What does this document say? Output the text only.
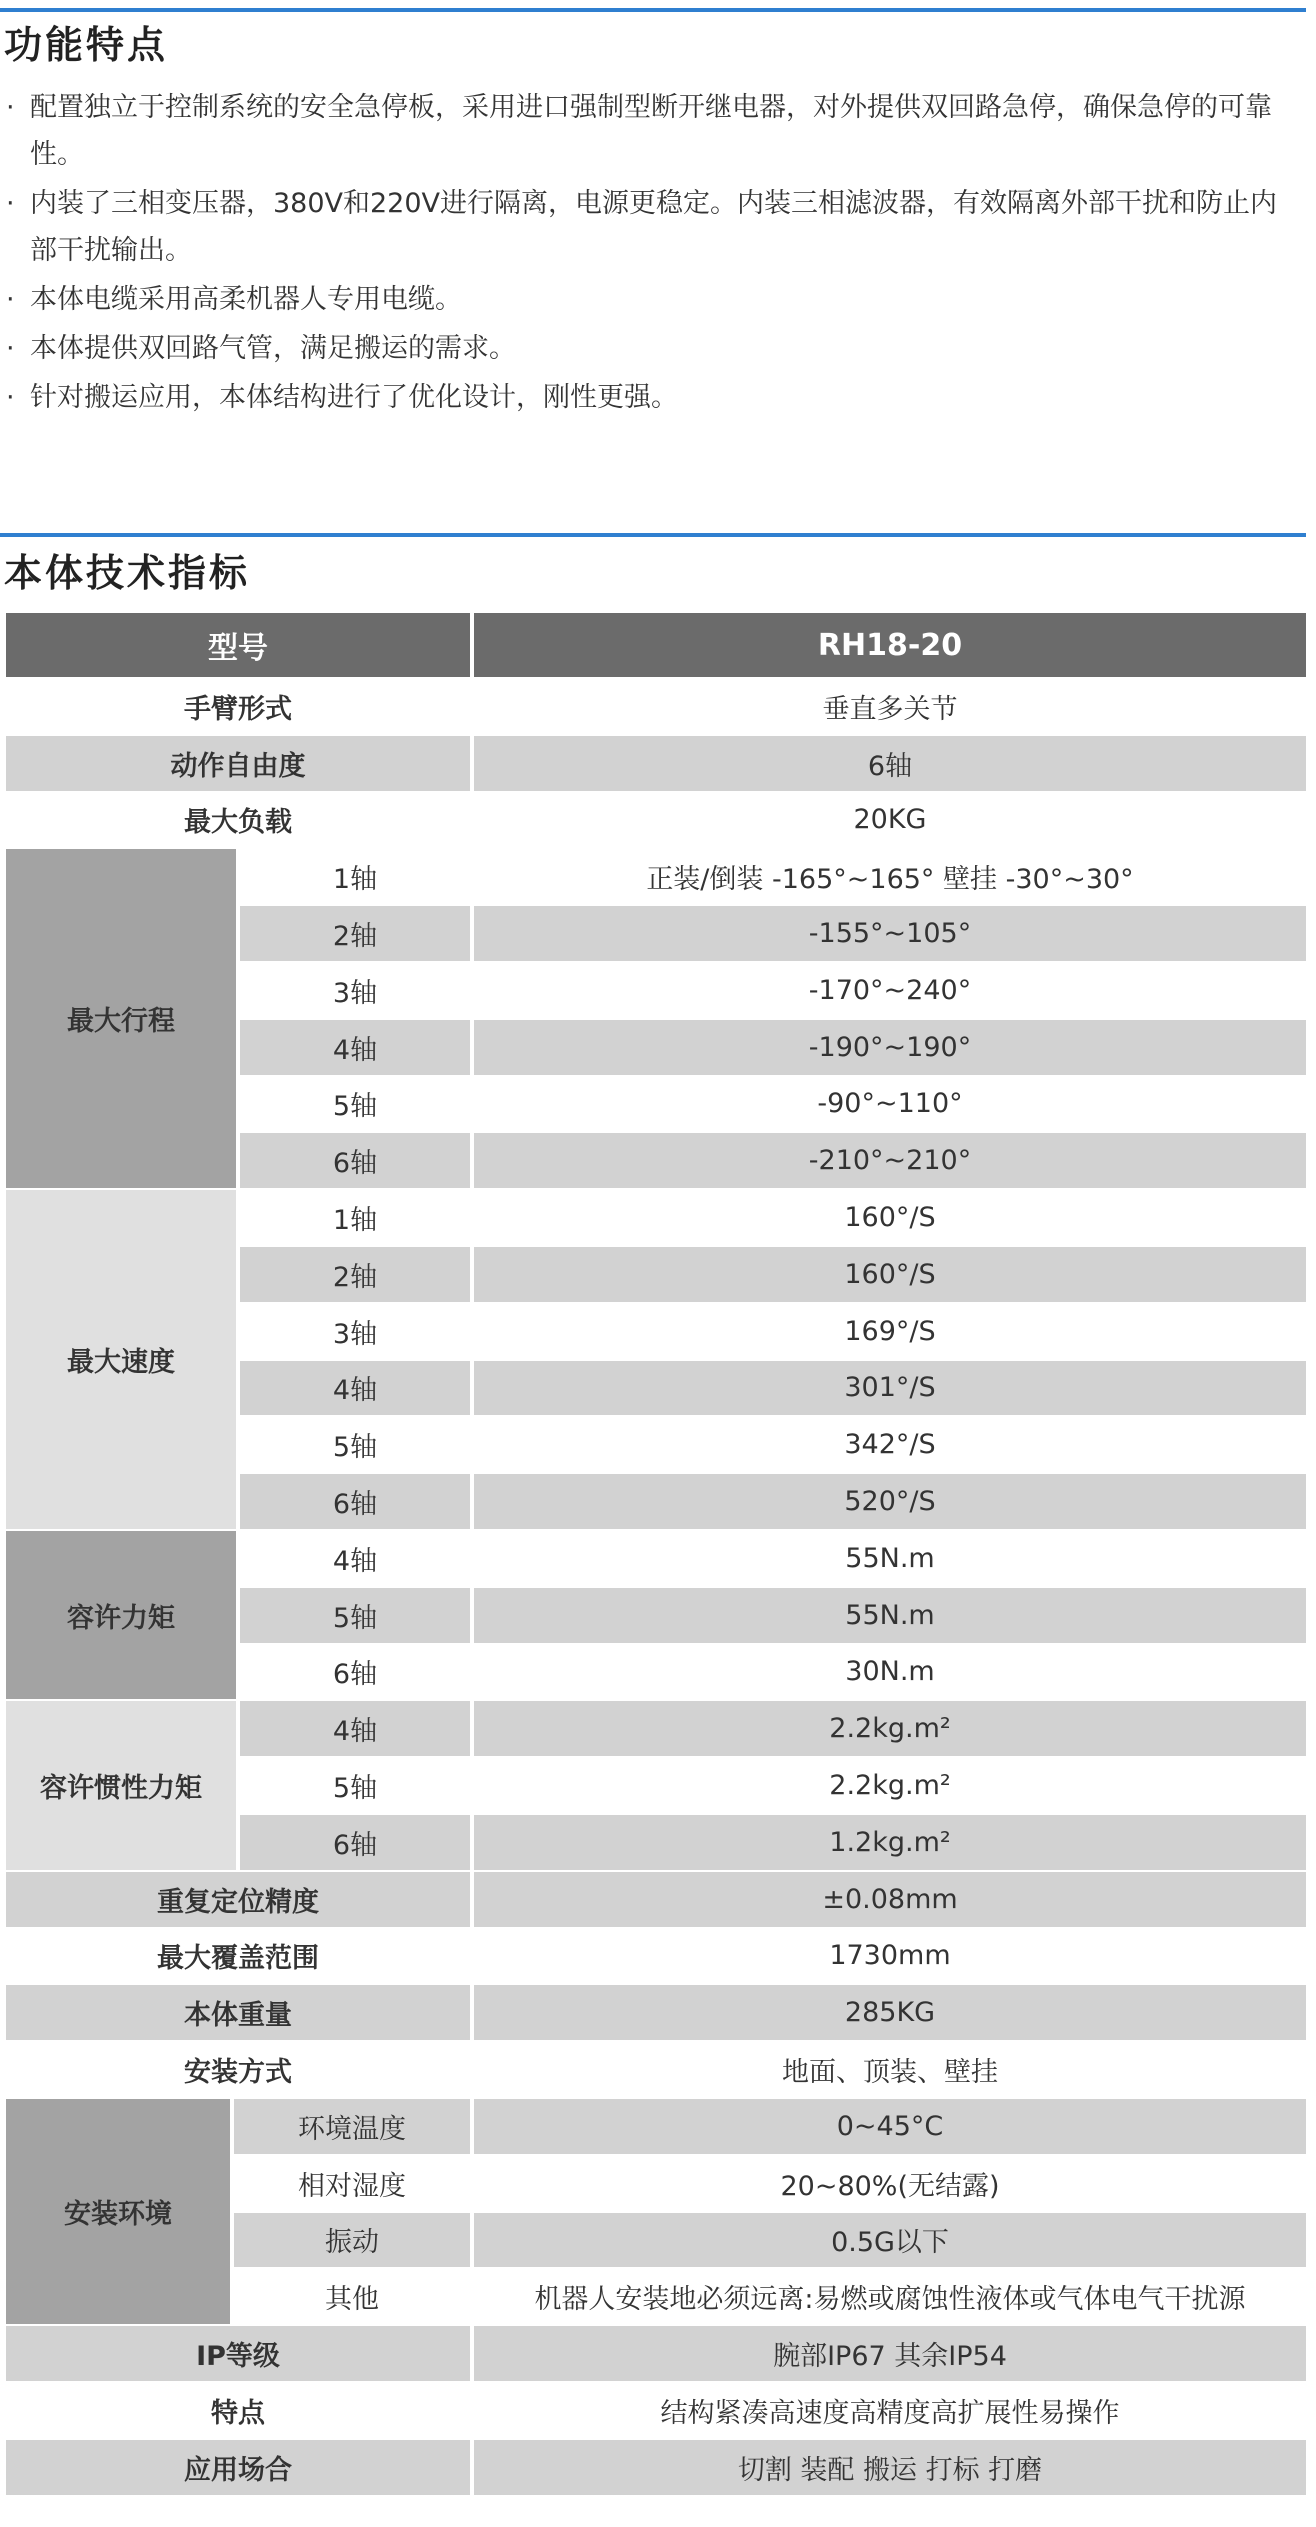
功能特点
· 配置独立于控制系统的安全急停板，采用进口强制型断开继电器，对外提供双回路急停，确保急停的可靠性。
· 内装了三相变压器，380V和220V进行隔离，电源更稳定。内装三相滤波器，有效隔离外部干扰和防止内部干扰输出。
· 本体电缆采用高柔机器人专用电缆。
· 本体提供双回路气管，满足搬运的需求。
· 针对搬运应用，本体结构进行了优化设计，刚性更强。
本体技术指标
型号	RH18-20
手臂形式	垂直多关节
动作自由度	6轴
最大负载	20KG
最大行程
1轴	正装/倒装 -165°~165° 壁挂 -30°~30°
2轴	-155°~105°
3轴	-170°~240°
4轴	-190°~190°
5轴	-90°~110°
6轴	-210°~210°
最大速度
1轴	160°/S
2轴	160°/S
3轴	169°/S
4轴	301°/S
5轴	342°/S
6轴	520°/S
容许力矩
4轴	55N.m
5轴	55N.m
6轴	30N.m
容许惯性力矩
4轴	2.2kg.m²
5轴	2.2kg.m²
6轴	1.2kg.m²
重复定位精度	±0.08mm
最大覆盖范围	1730mm
本体重量	285KG
安装方式	地面、顶装、壁挂
安装环境
环境温度	0~45°C
相对湿度	20~80%(无结露)
振动	0.5G以下
其他	机器人安装地必须远离:易燃或腐蚀性液体或气体电气干扰源
IP等级	腕部IP67 其余IP54
特点	结构紧凑高速度高精度高扩展性易操作
应用场合	切割 装配 搬运 打标 打磨
